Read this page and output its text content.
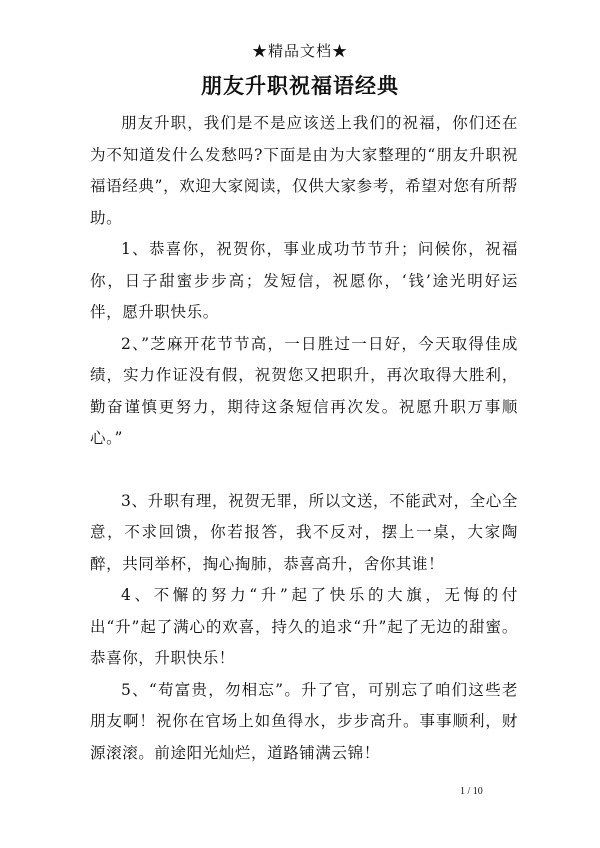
★精品文档★
朋友升职祝福语经典

朋友升职，我们是不是应该送上我们的祝福，你们还在为不知道发什么发愁吗?下面是由为大家整理的“朋友升职祝福语经典”，欢迎大家阅读，仅供大家参考，希望对您有所帮助。

1、恭喜你，祝贺你，事业成功节节升；问候你，祝福你，日子甜蜜步步高；发短信，祝愿你，‘钱’途光明好运伴，愿升职快乐。

2、”芝麻开花节节高，一日胜过一日好，今天取得佳成绩，实力作证没有假，祝贺您又把职升，再次取得大胜利，勤奋谨慎更努力，期待这条短信再次发。祝愿升职万事顺心。”

3、升职有理，祝贺无罪，所以文送，不能武对，全心全意，不求回馈，你若报答，我不反对，摆上一桌，大家陶醉，共同举杯，掏心掏肺，恭喜高升，舍你其谁！

4、不懈的努力“升”起了快乐的大旗，无悔的付出“升”起了满心的欢喜，持久的追求“升”起了无边的甜蜜。恭喜你，升职快乐！

5、“苟富贵，勿相忘”。升了官，可别忘了咱们这些老朋友啊！祝你在官场上如鱼得水，步步高升。事事顺利，财源滚滚。前途阳光灿烂，道路铺满云锦！

1 / 10
